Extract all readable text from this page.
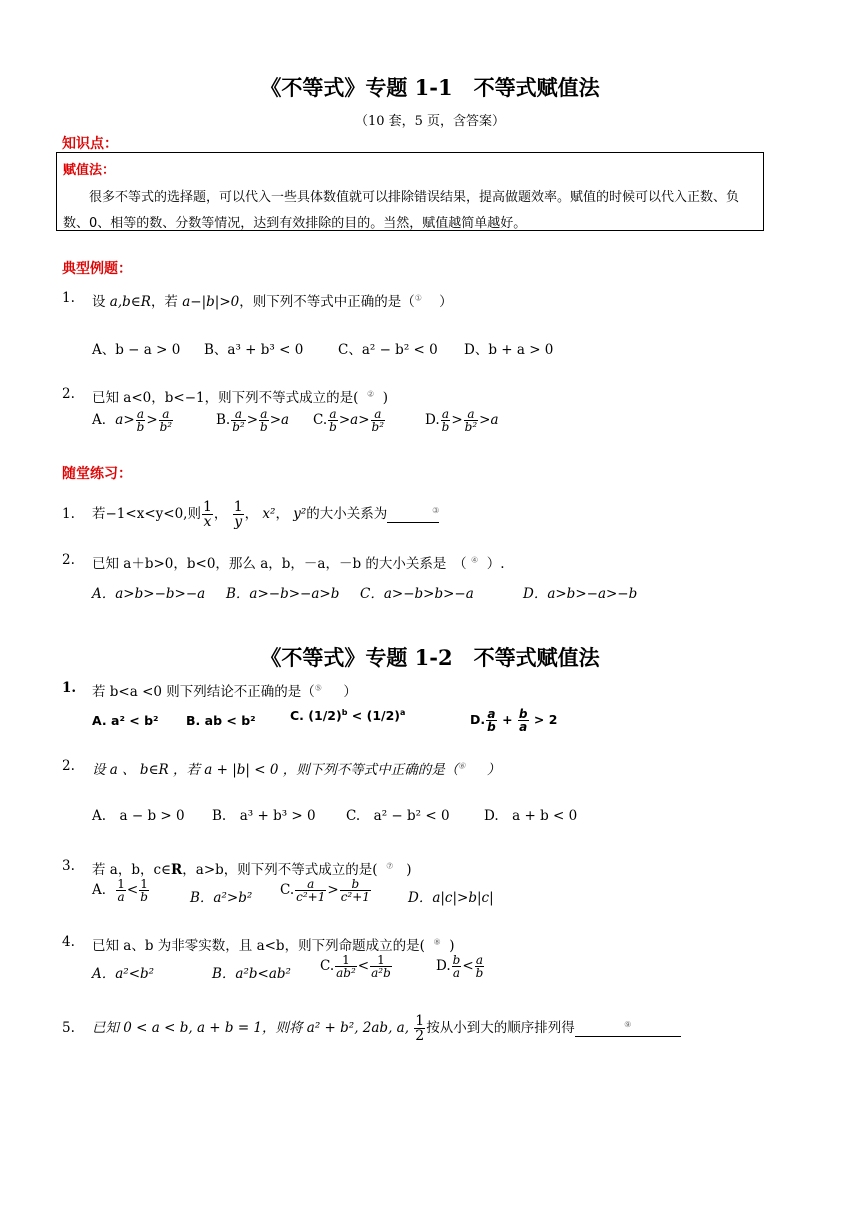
《不等式》专题 1-1　不等式赋值法
（10 套，5 页，含答案）
知识点：
赋值法：
很多不等式的选择题，可以代入一些具体数值就可以排除错误结果，提高做题效率。赋值的时候可以代入正数、负数、0、相等的数、分数等情况，达到有效排除的目的。当然，赋值越简单越好。
典型例题：
1. 设 a,b∈R，若 a−|b|>0，则下列不等式中正确的是（① ）
A、b − a > 0 B、a³ + b³ < 0	C、a² − b² < 0 D、b + a > 0
2. 已知 a<0，b<−1，则下列不等式成立的是( ② )
A．$a> \frac{a}{b} > \frac{a}{\text{b²}}$	B. $\frac{a}{\text{b²}} > \frac{a}{b} >a$ C. $\frac{a}{b} >a> \frac{a}{\text{b²}}$	D. $\frac{a}{b} > \frac{a}{\text{b²}} >a$
随堂练习：
1. 若−1<x<y<0,则 $\frac{1}{x}$ ， $\frac{1}{y}$ ， x²， y²的大小关系为	③
2. 已知 a＋b>0，b<0，那么 a，b，－a，－b 的大小关系是　（ ④ ）.
A．a>b>−b>−a B．a>−b>−a>b C．a>−b>b>−a	D．a>b>−a>−b
《不等式》专题 1-2　不等式赋值法
1. 若 b<a <0 则下列结论不正确的是（⑤ ）
A. a² < b² B. ab < b²	C. $(1/2)^b < (1/2)^a$	D. $\frac{a}{b} + \frac{b}{a} > 2$
2. 设 a 、 b∈R ，若 a + |b| < 0 ，则下列不等式中正确的是（⑥ ）
A.　a − b > 0 B.　a³ + b³ > 0 C.　a² − b² < 0	D.　a + b < 0
3. 若 a，b，c∈R，a>b，则下列不等式成立的是( ⑦ )
A． $\frac{1}{a} < \frac{1}{b}$	B．a²>b² C. $\frac{a}{\text{c²+1}} > \frac{b}{\text{c²+1}}$	D．a|c|>b|c|
4. 已知 a、b 为非零实数，且 a<b，则下列命题成立的是( ⑧ )
A．a²<b²	B．a²b<ab² C. $\frac{1}{\text{ab²}} < \frac{1}{\text{a²b}}$	D. $\frac{b}{a} < \frac{a}{b}$
5. 已知 0 < a < b, a + b = 1，则将 a² + b², 2ab, a, $\frac{1}{2}$ 按从小到大的顺序排列得	⑨
